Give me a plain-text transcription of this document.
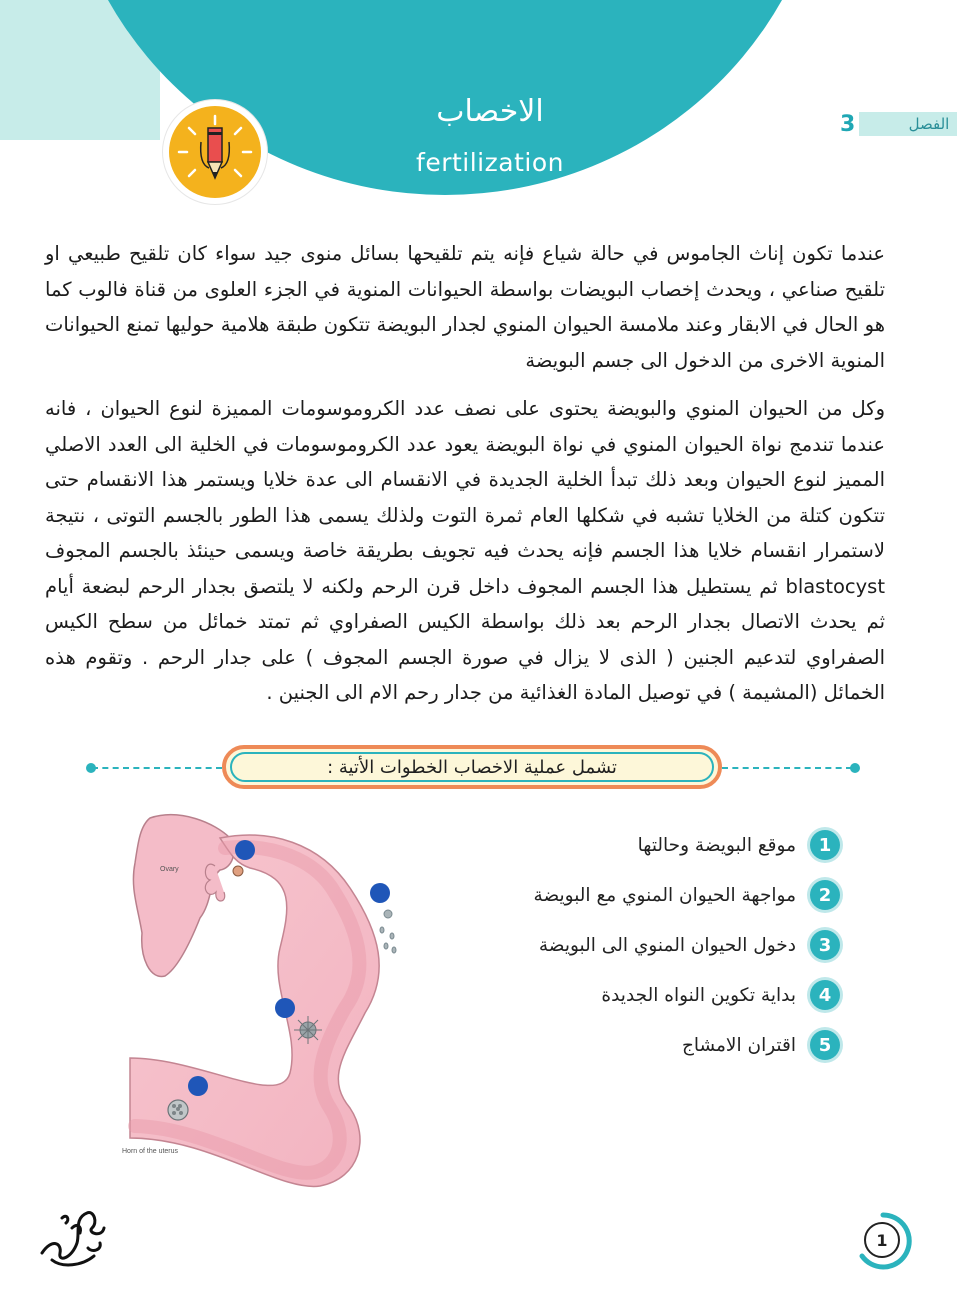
الاخصاب
fertilization
3	الفصل
عندما تكون إناث الجاموس في حالة شياع فإنه يتم تلقيحها بسائل منوى جيد سواء كان تلقيح طبيعي او تلقيح صناعي ، ويحدث إخصاب البويضات بواسطة الحيوانات المنوية في الجزء العلوى من قناة فالوب كما هو الحال في الابقار وعند ملامسة الحيوان المنوي لجدار البويضة تتكون طبقة هلامية حوليها تمنع الحيوانات المنوية الاخرى من الدخول الى جسم البويضة
وكل من الحيوان المنوي والبويضة يحتوى على نصف عدد الكروموسومات المميزة لنوع الحيوان ، فانه عندما تندمج نواة الحيوان المنوي في نواة البويضة يعود عدد الكروموسومات في الخلية الى العدد الاصلي المميز لنوع الحيوان وبعد ذلك تبدأ الخلية الجديدة في الانقسام الى عدة خلايا ويستمر هذا الانقسام حتى تتكون كتلة من الخلايا تشبه في شكلها العام ثمرة التوت ولذلك يسمى هذا الطور بالجسم التوتى ، نتيجة لاستمرار انقسام خلايا هذا الجسم فإنه يحدث فيه تجويف بطريقة خاصة ويسمى حينئذ بالجسم المجوف blastocyst ثم يستطيل هذا الجسم المجوف داخل قرن الرحم ولكنه لا يلتصق بجدار الرحم لبضعة أيام ثم يحدث الاتصال بجدار الرحم بعد ذلك بواسطة الكيس الصفراوي ثم تمتد خمائل من سطح الكيس الصفراوي لتدعيم الجنين ( الذى لا يزال في صورة الجسم المجوف ) على جدار الرحم . وتقوم هذه الخمائل (المشيمة ) في توصيل المادة الغذائية من جدار رحم الام الى الجنين .
تشمل عملية الاخصاب الخطوات الأتية :
1
موقع البويضة وحالتها
2
مواجهة الحيوان المنوي مع البويضة
3
دخول الحيوان المنوي الى البويضة
4
بداية تكوين النواه الجديدة
5
اقتران الامشاج
Ovary
Horn of the uterus
1
